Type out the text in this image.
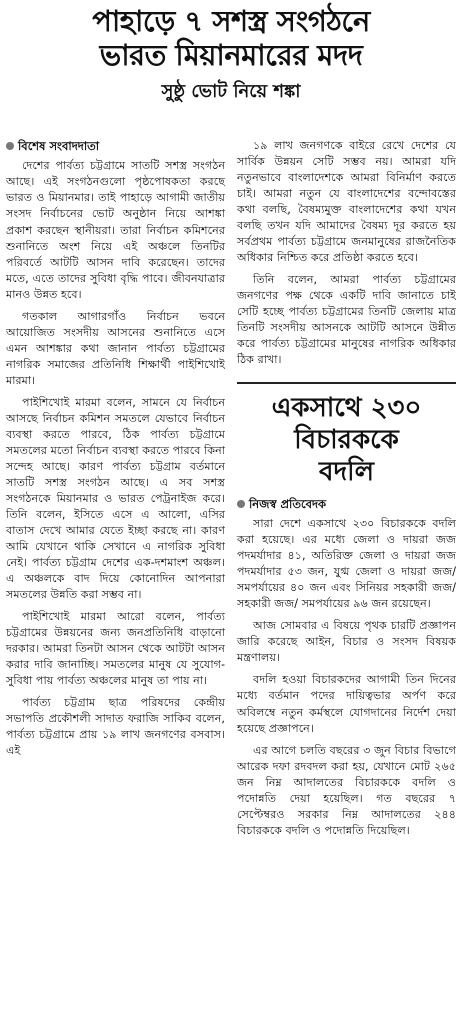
পাহাড়ে ৭ সশস্ত্র সংগঠনে
ভারত মিয়ানমারের মদদ
সুষ্ঠু ভোট নিয়ে শঙ্কা
বিশেষ সংবাদদাতা

দেশের পার্বত্য চট্টগ্রামে সাতটি সশস্ত্র সংগঠন আছে। এই সংগঠনগুলো পৃষ্ঠপোষকতা করছে ভারত ও মিয়ানমার। তাই পাহাড়ে আগামী জাতীয় সংসদ নির্বাচনের ভোট অনুষ্ঠান নিয়ে আশঙ্কা প্রকাশ করছেন স্থানীয়রা। তারা নির্বাচন কমিশনের শুনানিতে অংশ নিয়ে এই অঞ্চলে তিনটির পরিবর্তে আটটি আসন দাবি করেছেন। তাদের মতে, এতে তাদের সুবিধা বৃদ্ধি পাবে। জীবনযাত্রার মানও উন্নত হবে।

গতকাল আগারগাঁও নির্বাচন ভবনে আয়োজিত সংসদীয় আসনের শুনানিতে এসে এমন আশঙ্কার কথা জানান পার্বত্য চট্টগ্রামের নাগরিক সমাজের প্রতিনিধি শিক্ষার্থী পাইশিখোই মারমা।

পাইশিখোই মারমা বলেন, সামনে যে নির্বাচন আসছে নির্বাচন কমিশন সমতলে যেভাবে নির্বাচন ব্যবস্থা করতে পারবে, ঠিক পার্বত্য চট্টগ্রামে সমতলের মতো নির্বাচন ব্যবস্থা করতে পারবে কিনা সন্দেহ আছে। কারণ পার্বত্য চট্টগ্রাম বর্তমানে সাতটি সশস্ত্র সংগঠন আছে। এ সব সশস্ত্র সংগঠনকে মিয়ানমার ও ভারত পেট্রনাইজ করে। তিনি বলেন, ইসিতে এসে এ আলো, এসির বাতাস দেখে আমার যেতে ইচ্ছা করছে না। কারণ আমি যেখানে থাকি সেখানে এ নাগরিক সুবিধা নেই। পার্বত্য চট্টগ্রাম দেশের এক-দশমাংশ অঞ্চল। এ অঞ্চলকে বাদ দিয়ে কোনোদিন আপনারা সমতলের উন্নতি করা সম্ভব না।

পাইশিখোই মারমা আরো বলেন, পার্বত্য চট্টগ্রামের উন্নয়নের জন্য জনপ্রতিনিধি বাড়ানো দরকার। আমরা তিনটা আসন থেকে আটটা আসন করার দাবি জানাচ্ছি। সমতলের মানুষ যে সুযোগ-সুবিধা পায় পার্বত্য অঞ্চলের মানুষ তা পায় না।

পার্বত্য চট্টগ্রাম ছাত্র পরিষদের কেন্দ্রীয় সভাপতি প্রকৌশলী সাদাত ফরাজি সাকিব বলেন, পার্বত্য চট্টগ্রামে প্রায় ১৯ লাখ জনগণের বসবাস। এই

১৯ লাখ জনগণকে বাইরে রেখে দেশের যে সার্বিক উন্নয়ন সেটি সম্ভব নয়। আমরা যদি নতুনভাবে বাংলাদেশকে আমরা বিনির্মাণ করতে চাই। আমরা নতুন যে বাংলাদেশের বন্দোবস্তের কথা বলছি, বৈষম্যমুক্ত বাংলাদেশের কথা যখন বলছি তখন যদি আমাদের বৈষম্য দূর করতে হয় সর্বপ্রথম পার্বত্য চট্টগ্রামে জনমানুষের রাজনৈতিক অধিকার নিশ্চিত করে প্রতিষ্ঠা করতে হবে।

তিনি বলেন, আমরা পার্বত্য চট্টগ্রামের জনগণের পক্ষ থেকে একটি দাবি জানাতে চাই সেটি হচ্ছে পার্বত্য চট্টগ্রামের তিনটি জেলায় মাত্র তিনটি সংসদীয় আসনকে আটটি আসনে উন্নীত করে পার্বত্য চট্টগ্রামের মানুষের নাগরিক অধিকার ঠিক রাখা।

একসাথে ২৩০
বিচারককে
বদলি
নিজস্ব প্রতিবেদক

সারা দেশে একসাথে ২৩০ বিচারককে বদলি করা হয়েছে। এর মধ্যে জেলা ও দায়রা জজ পদমর্যাদার ৪১, অতিরিক্ত জেলা ও দায়রা জজ পদমর্যাদার ৫৩ জন, যুগ্ম জেলা ও দায়রা জজ/সমপর্যায়ের ৪০ জন এবং সিনিয়র সহকারী জজ/ সহকারী জজ/ সমপর্যায়ের ৯৬ জন রয়েছেন।

আজ সোমবার এ বিষয়ে পৃথক চারটি প্রজ্ঞাপন জারি করেছে আইন, বিচার ও সংসদ বিষয়ক মন্ত্রণালয়।

বদলি হওয়া বিচারকদের আগামী তিন দিনের মধ্যে বর্তমান পদের দায়িত্বভার অর্পণ করে অবিলম্বে নতুন কর্মস্থলে যোগদানের নির্দেশ দেয়া হয়েছে প্রজ্ঞাপনে।

এর আগে চলতি বছরের ৩ জুন বিচার বিভাগে আরেক দফা রদবদল করা হয়, যেখানে মোট ২৬৫ জন নিম্ন আদালতের বিচারককে বদলি ও পদোন্নতি দেয়া হয়েছিল। গত বছরের ৭ সেপ্টেম্বরও সরকার নিম্ন আদালতের ২৪৪ বিচারককে বদলি ও পদোন্নতি দিয়েছিল।
